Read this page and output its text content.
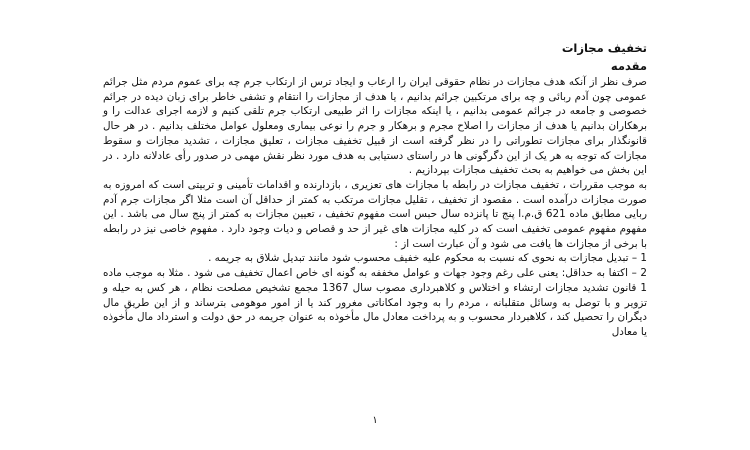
تخفیف مجازات
مقدمه

صرف نظر از آنکه هدف مجازات در نظام حقوقی ایران را ارعاب و ایجاد ترس از ارتکاب جرم چه برای عموم مردم مثل جرائم عمومی چون آدم ربائی و چه برای مرتکبین جرائم بدانیم ، یا هدف از مجازات را انتقام و تشفی خاطر برای زبان دیده در جرائم خصوصی و جامعه در جرائم عمومی بدانیم ، یا اینکه مجازات را اثر طبیعی ارتکاب جرم تلقی کنیم و لازمه اجرای عدالت را و برهکاران بدانیم یا هدف از مجازات را اصلاح مجرم و برهکار و جرم را نوعی بیماری ومعلول عوامل مختلف بدانیم . در هر حال قانونگذار برای مجازات تطوراتی را در نظر گرفته است از قبیل تخفیف مجازات ، تعلیق مجازات ، تشدید مجازات و سقوط مجازات که توجه به هر یک از این دگرگونی ها در راستای دستیابی به هدف مورد نظر نقش مهمی در صدور رأی عادلانه دارد . در این بخش می خواهیم به بحث تخفیف مجازات بپردازیم .

به موجب مقررات ، تخفیف مجازات در رابطه با مجازات های تعزیری ، بازدارنده و اقدامات تأمینی و تربیتی است که امروزه به صورت مجازات درآمده است . مقصود از تخفیف ، تقلیل مجازات مرتکب به کمتر از حداقل آن است مثلا اگر مجازات جرم آدم ربایی مطابق ماده 621 ق.م.ا پنج تا پانزده سال حبس است مفهوم تخفیف ، تعیین مجازات به کمتر از پنج سال می باشد . این مفهوم مفهوم عمومی تخفیف است که در کلیه مجازات های غیر از حد و قصاص و دیات وجود دارد . مفهوم خاصی نیز در رابطه با برخی از مجازات ها یافت می شود و آن عبارت است از :

1 – تبدیل مجازات به نحوی که نسبت به محکوم علیه خفیف محسوب شود مانند تبدیل شلاق به جریمه .

2 – اکتفا به حداقل: یعنی علی رغم وجود جهات و عوامل مخففه به گونه ای خاص اعمال تخفیف می شود . مثلا به موجب ماده 1 قانون تشدید مجازات ارتشاء و اختلاس و کلاهبرداری مصوب سال 1367 مجمع تشخیص مصلحت نظام ، هر کس به حیله و تزویر و با توصل به وسائل متقلبانه ، مردم را به وجود امکاناتی مغرور کند یا از امور موهومی بترساند و از این طریق مال دیگران را تحصیل کند ، کلاهبردار محسوب و به پرداخت معادل مال مأخوذه به عنوان جریمه در حق دولت و استرداد مال مأخوذه یا معادل

۱
